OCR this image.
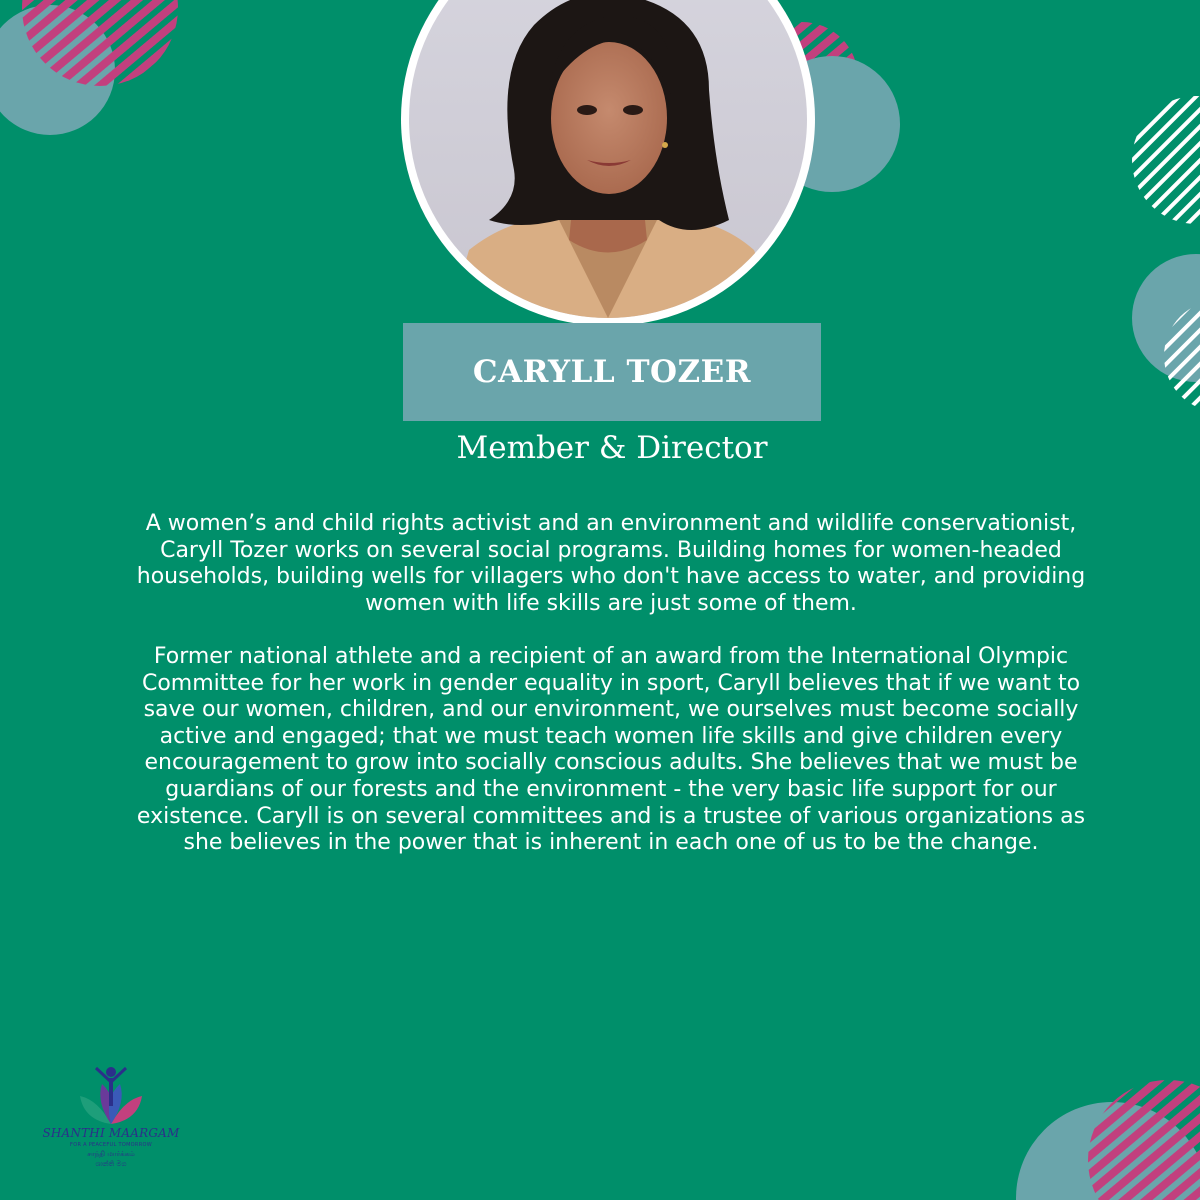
CARYLL TOZER
Member & Director

A women’s and child rights activist and an environment and wildlife conservationist, Caryll Tozer works on several social programs. Building homes for women-headed households, building wells for villagers who don't have access to water, and providing women with life skills are just some of them.

Former national athlete and a recipient of an award from the International Olympic Committee for her work in gender equality in sport, Caryll believes that if we want to save our women, children, and our environment, we ourselves must become socially active and engaged; that we must teach women life skills and give children every encouragement to grow into socially conscious adults. She believes that we must be guardians of our forests and the environment - the very basic life support for our existence. Caryll is on several committees and is a trustee of various organizations as she believes in the power that is inherent in each one of us to be the change.

SHANTHI MAARGAM
FOR A PEACEFUL TOMORROW
சாந்தி மார்க்கம்
ශාන්ති මග
